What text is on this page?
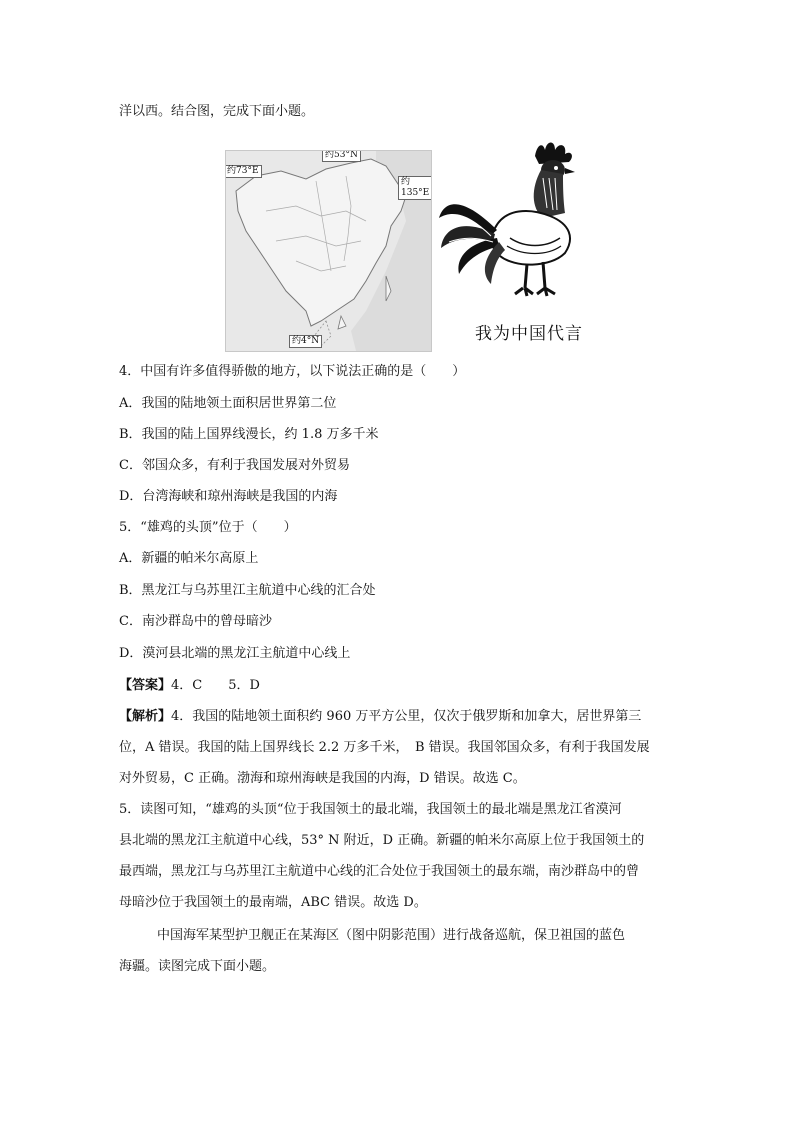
洋以西。结合图，完成下面小题。
约53°N
约73°E
约135°E
约4°N	我为中国代言
4．中国有许多值得骄傲的地方，以下说法正确的是（　　）
A．我国的陆地领土面积居世界第二位
B．我国的陆上国界线漫长，约 1.8 万多千米
C．邻国众多，有利于我国发展对外贸易
D．台湾海峡和琼州海峡是我国的内海
5．“雄鸡的头顶”位于（　　）
A．新疆的帕米尔高原上
B．黑龙江与乌苏里江主航道中心线的汇合处
C．南沙群岛中的曾母暗沙
D．漠河县北端的黑龙江主航道中心线上
【答案】4．C　　5．D
【解析】4．我国的陆地领土面积约 960 万平方公里，仅次于俄罗斯和加拿大，居世界第三
位，A 错误。我国的陆上国界线长 2.2 万多千米，　B 错误。我国邻国众多，有利于我国发展
对外贸易，C 正确。渤海和琼州海峡是我国的内海，D 错误。故选 C。
5．读图可知，“雄鸡的头顶“位于我国领土的最北端，我国领土的最北端是黑龙江省漠河
县北端的黑龙江主航道中心线，53° N 附近，D 正确。新疆的帕米尔高原上位于我国领土的
最西端，黑龙江与乌苏里江主航道中心线的汇合处位于我国领土的最东端，南沙群岛中的曾
母暗沙位于我国领土的最南端，ABC 错误。故选 D。
中国海军某型护卫舰正在某海区（图中阴影范围）进行战备巡航，保卫祖国的蓝色
海疆。读图完成下面小题。
